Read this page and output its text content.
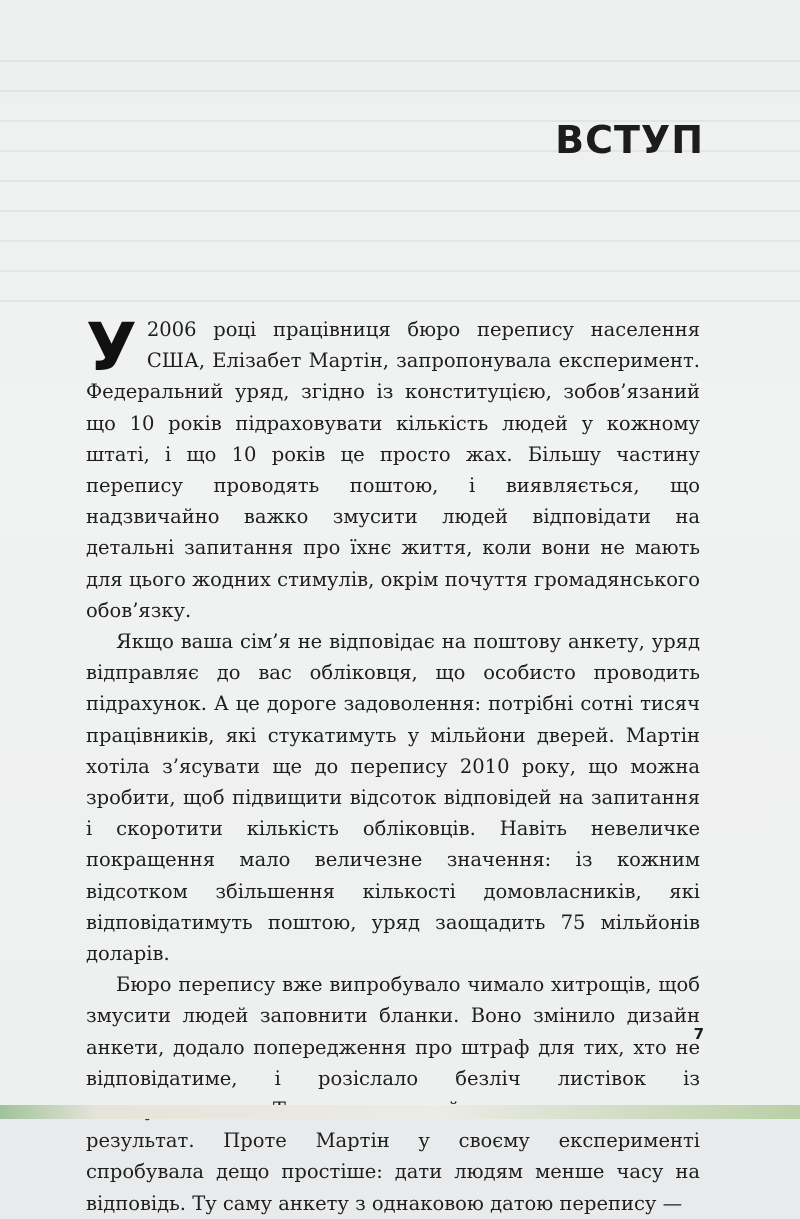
ВСТУП

У 2006 році працівниця бюро перепису населення США, Елізабет Мартін, запропонувала експеримент. Федеральний уряд, згідно із конституцією, зобов’язаний що 10 років підраховувати кількість людей у кожному штаті, і що 10 років це просто жах. Більшу частину перепису проводять поштою, і виявляється, що надзвичайно важко змусити людей відповідати на детальні запитання про їхнє життя, коли вони не мають для цього жодних стимулів, окрім почуття громадянського обов’язку.

Якщо ваша сім’я не відповідає на поштову анкету, уряд відправляє до вас обліковця, що особисто проводить підрахунок. А це дороге задоволення: потрібні сотні тисяч працівників, які стукатимуть у мільйони дверей. Мартін хотіла з’ясувати ще до перепису 2010 року, що можна зробити, щоб підвищити відсоток відповідей на запитання і скоротити кількість обліковців. Навіть невеличке покращення мало величезне значення: із кожним відсотком збільшення кількості домовласників, які відповідатимуть поштою, уряд заощадить 75 мільйонів доларів.

Бюро перепису вже випробувало чимало хитрощів, щоб змусити людей заповнити бланки. Воно змінило дизайн анкети, додало попередження про штраф для тих, хто не відповідатиме, і розіслало безліч листівок із результат. Проте Мартін у своєму експерименті спробувала дещо простіше: дати людям менше часу на відповідь. Ту саму анкету з однаковою датою перепису —

7
